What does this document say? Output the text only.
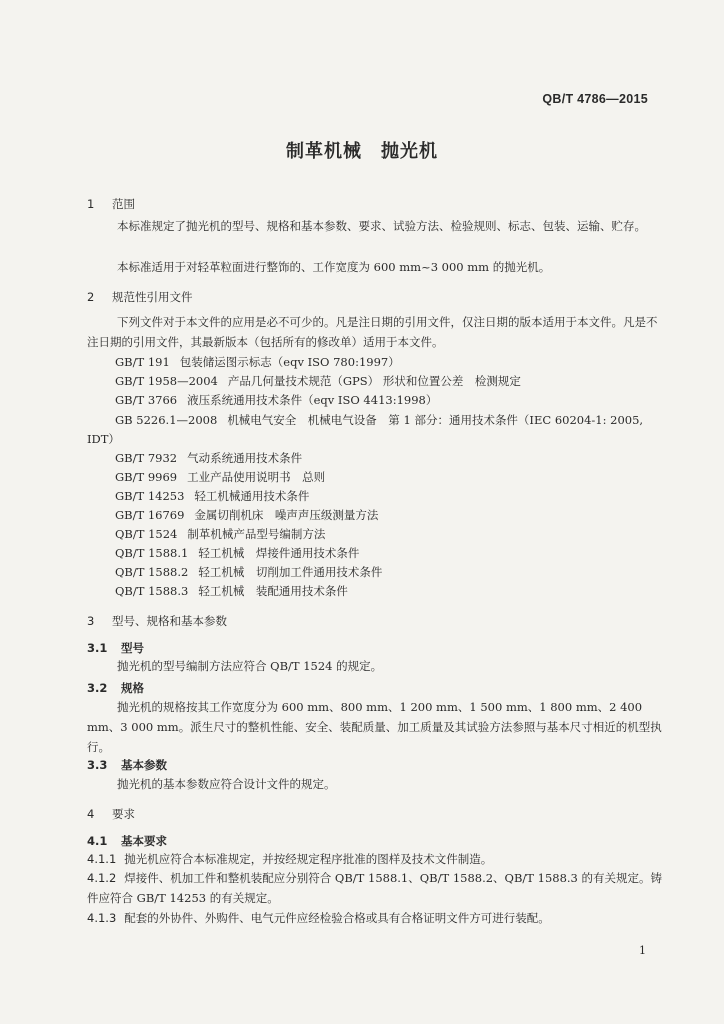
QB/T 4786—2015
制革机械　抛光机
1 范围
本标准规定了抛光机的型号、规格和基本参数、要求、试验方法、检验规则、标志、包装、运输、贮存。
本标准适用于对轻革粒面进行整饰的、工作宽度为 600 mm~3 000 mm 的抛光机。
2 规范性引用文件
下列文件对于本文件的应用是必不可少的。凡是注日期的引用文件，仅注日期的版本适用于本文件。凡是不注日期的引用文件，其最新版本（包括所有的修改单）适用于本文件。
GB/T 191 包装储运图示标志（eqv ISO 780:1997）
GB/T 1958—2004 产品几何量技术规范（GPS） 形状和位置公差　检测规定
GB/T 3766 液压系统通用技术条件（eqv ISO 4413:1998）
GB 5226.1—2008 机械电气安全　机械电气设备　第 1 部分：通用技术条件（IEC 60204-1: 2005,
IDT）
GB/T 7932 气动系统通用技术条件
GB/T 9969 工业产品使用说明书　总则
GB/T 14253 轻工机械通用技术条件
GB/T 16769 金属切削机床　噪声声压级测量方法
QB/T 1524 制革机械产品型号编制方法
QB/T 1588.1 轻工机械　焊接件通用技术条件
QB/T 1588.2 轻工机械　切削加工件通用技术条件
QB/T 1588.3 轻工机械　装配通用技术条件
3 型号、规格和基本参数
3.1 型号
抛光机的型号编制方法应符合 QB/T 1524 的规定。
3.2 规格
抛光机的规格按其工作宽度分为 600 mm、800 mm、1 200 mm、1 500 mm、1 800 mm、2 400 mm、3 000 mm。派生尺寸的整机性能、安全、装配质量、加工质量及其试验方法参照与基本尺寸相近的机型执行。
3.3 基本参数
抛光机的基本参数应符合设计文件的规定。
4 要求
4.1 基本要求
4.1.1 抛光机应符合本标准规定，并按经规定程序批准的图样及技术文件制造。
4.1.2 焊接件、机加工件和整机装配应分别符合 QB/T 1588.1、QB/T 1588.2、QB/T 1588.3 的有关规定。铸件应符合 GB/T 14253 的有关规定。
4.1.3 配套的外协件、外购件、电气元件应经检验合格或具有合格证明文件方可进行装配。
1
